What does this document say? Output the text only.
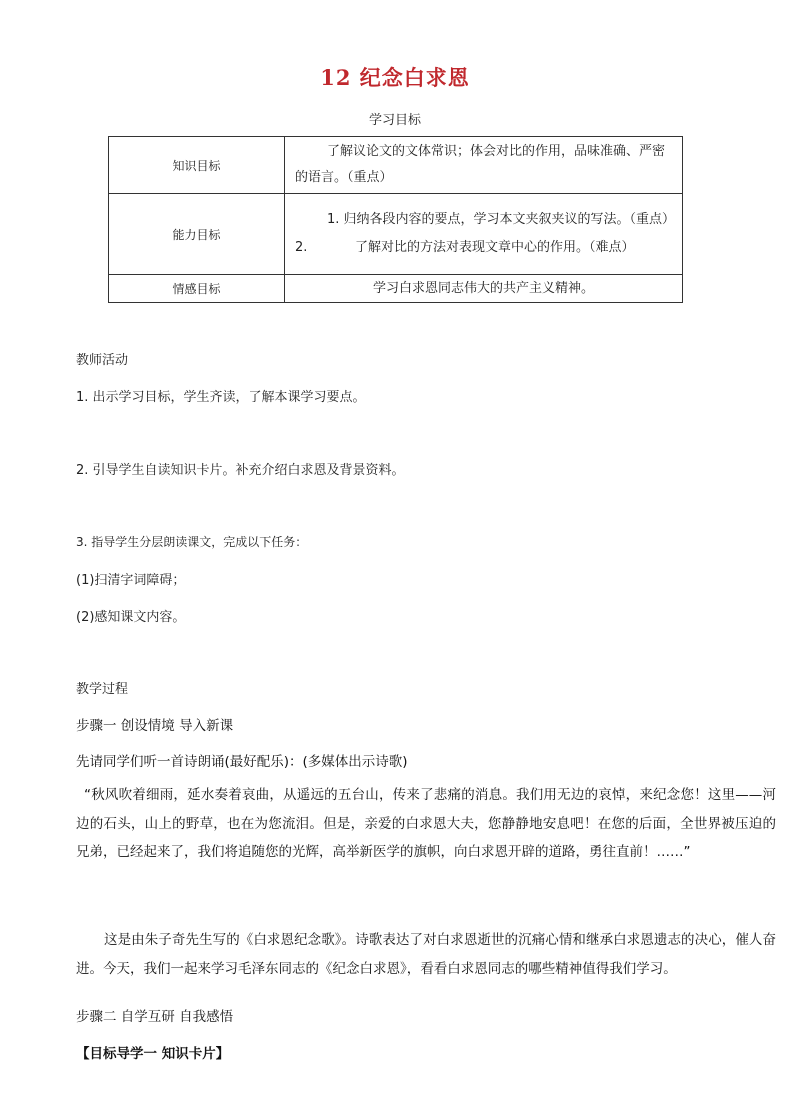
12 纪念白求恩
学习目标
知识目标	了解议论文的文体常识；体会对比的作用，品味准确、严密的语言。（重点）

能力目标	1. 归纳各段内容的要点，学习本文夹叙夹议的写法。（重点）
2. 了解对比的方法对表现文章中心的作用。（难点）

情感目标	学习白求恩同志伟大的共产主义精神。
教师活动
1. 出示学习目标，学生齐读，了解本课学习要点。
2. 引导学生自读知识卡片。补充介绍白求恩及背景资料。
3. 指导学生分层朗读课文，完成以下任务：
(1)扫清字词障碍；
(2)感知课文内容。
教学过程
步骤一 创设情境 导入新课
先请同学们听一首诗朗诵(最好配乐)：(多媒体出示诗歌)
“秋风吹着细雨，延水奏着哀曲，从遥远的五台山，传来了悲痛的消息。我们用无边的哀悼，来纪念您！这里——河边的石头，山上的野草，也在为您流泪。但是，亲爱的白求恩大夫，您静静地安息吧！在您的后面，全世界被压迫的兄弟，已经起来了，我们将追随您的光辉，高举新医学的旗帜，向白求恩开辟的道路，勇往直前！……”
这是由朱子奇先生写的《白求恩纪念歌》。诗歌表达了对白求恩逝世的沉痛心情和继承白求恩遗志的决心，催人奋进。今天，我们一起来学习毛泽东同志的《纪念白求恩》，看看白求恩同志的哪些精神值得我们学习。
步骤二 自学互研 自我感悟
【目标导学一 知识卡片】
